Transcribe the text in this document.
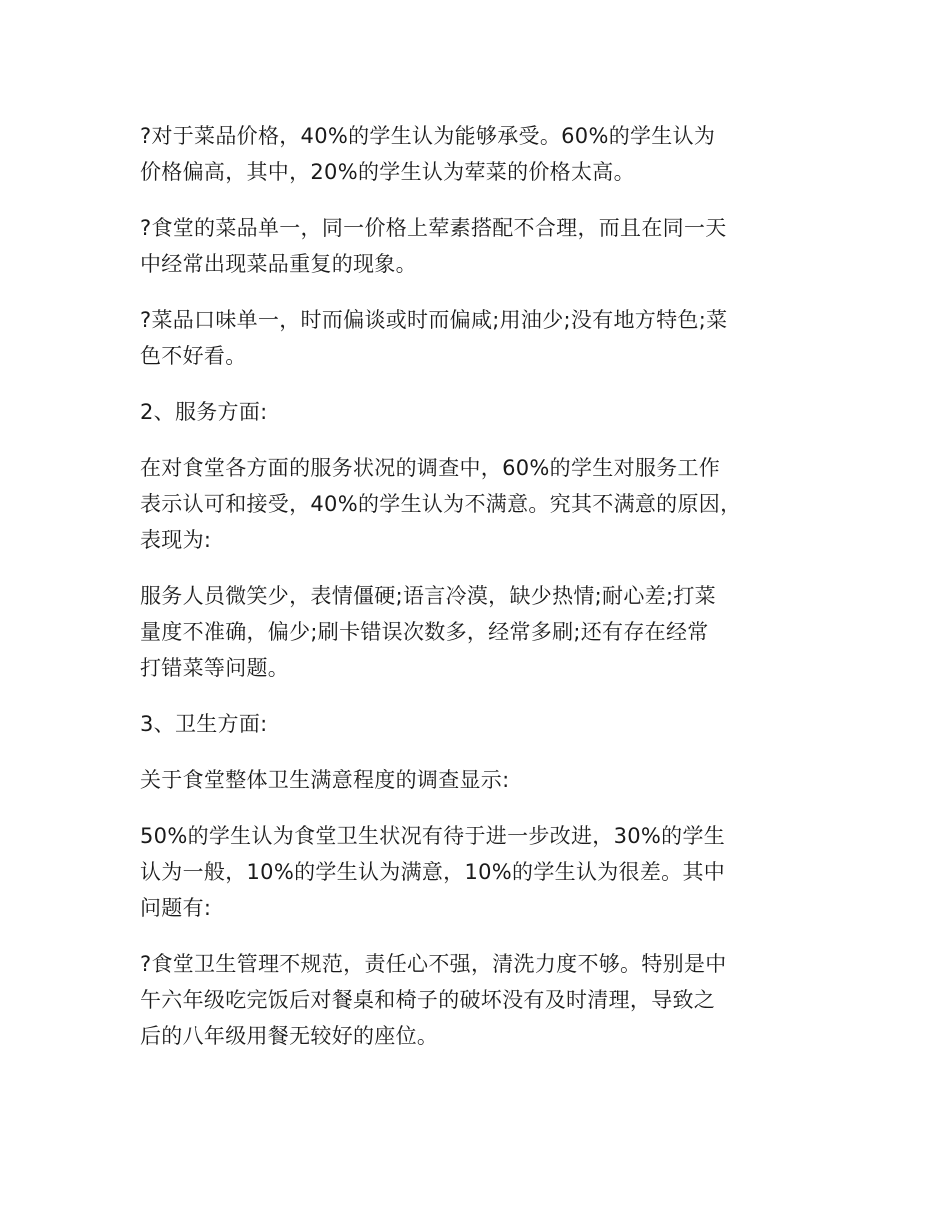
?对于菜品价格，40%的学生认为能够承受。60%的学生认为
价格偏高，其中，20%的学生认为荤菜的价格太高。

?食堂的菜品单一，同一价格上荤素搭配不合理，而且在同一天
中经常出现菜品重复的现象。

?菜品口味单一，时而偏谈或时而偏咸;用油少;没有地方特色;菜
色不好看。

2、服务方面:

在对食堂各方面的服务状况的调查中，60%的学生对服务工作
表示认可和接受，40%的学生认为不满意。究其不满意的原因，
表现为:

服务人员微笑少，表情僵硬;语言冷漠，缺少热情;耐心差;打菜
量度不准确，偏少;刷卡错误次数多，经常多刷;还有存在经常
打错菜等问题。

3、卫生方面:

关于食堂整体卫生满意程度的调查显示:

50%的学生认为食堂卫生状况有待于进一步改进，30%的学生
认为一般，10%的学生认为满意，10%的学生认为很差。其中
问题有:

?食堂卫生管理不规范，责任心不强，清洗力度不够。特别是中
午六年级吃完饭后对餐桌和椅子的破坏没有及时清理，导致之
后的八年级用餐无较好的座位。
